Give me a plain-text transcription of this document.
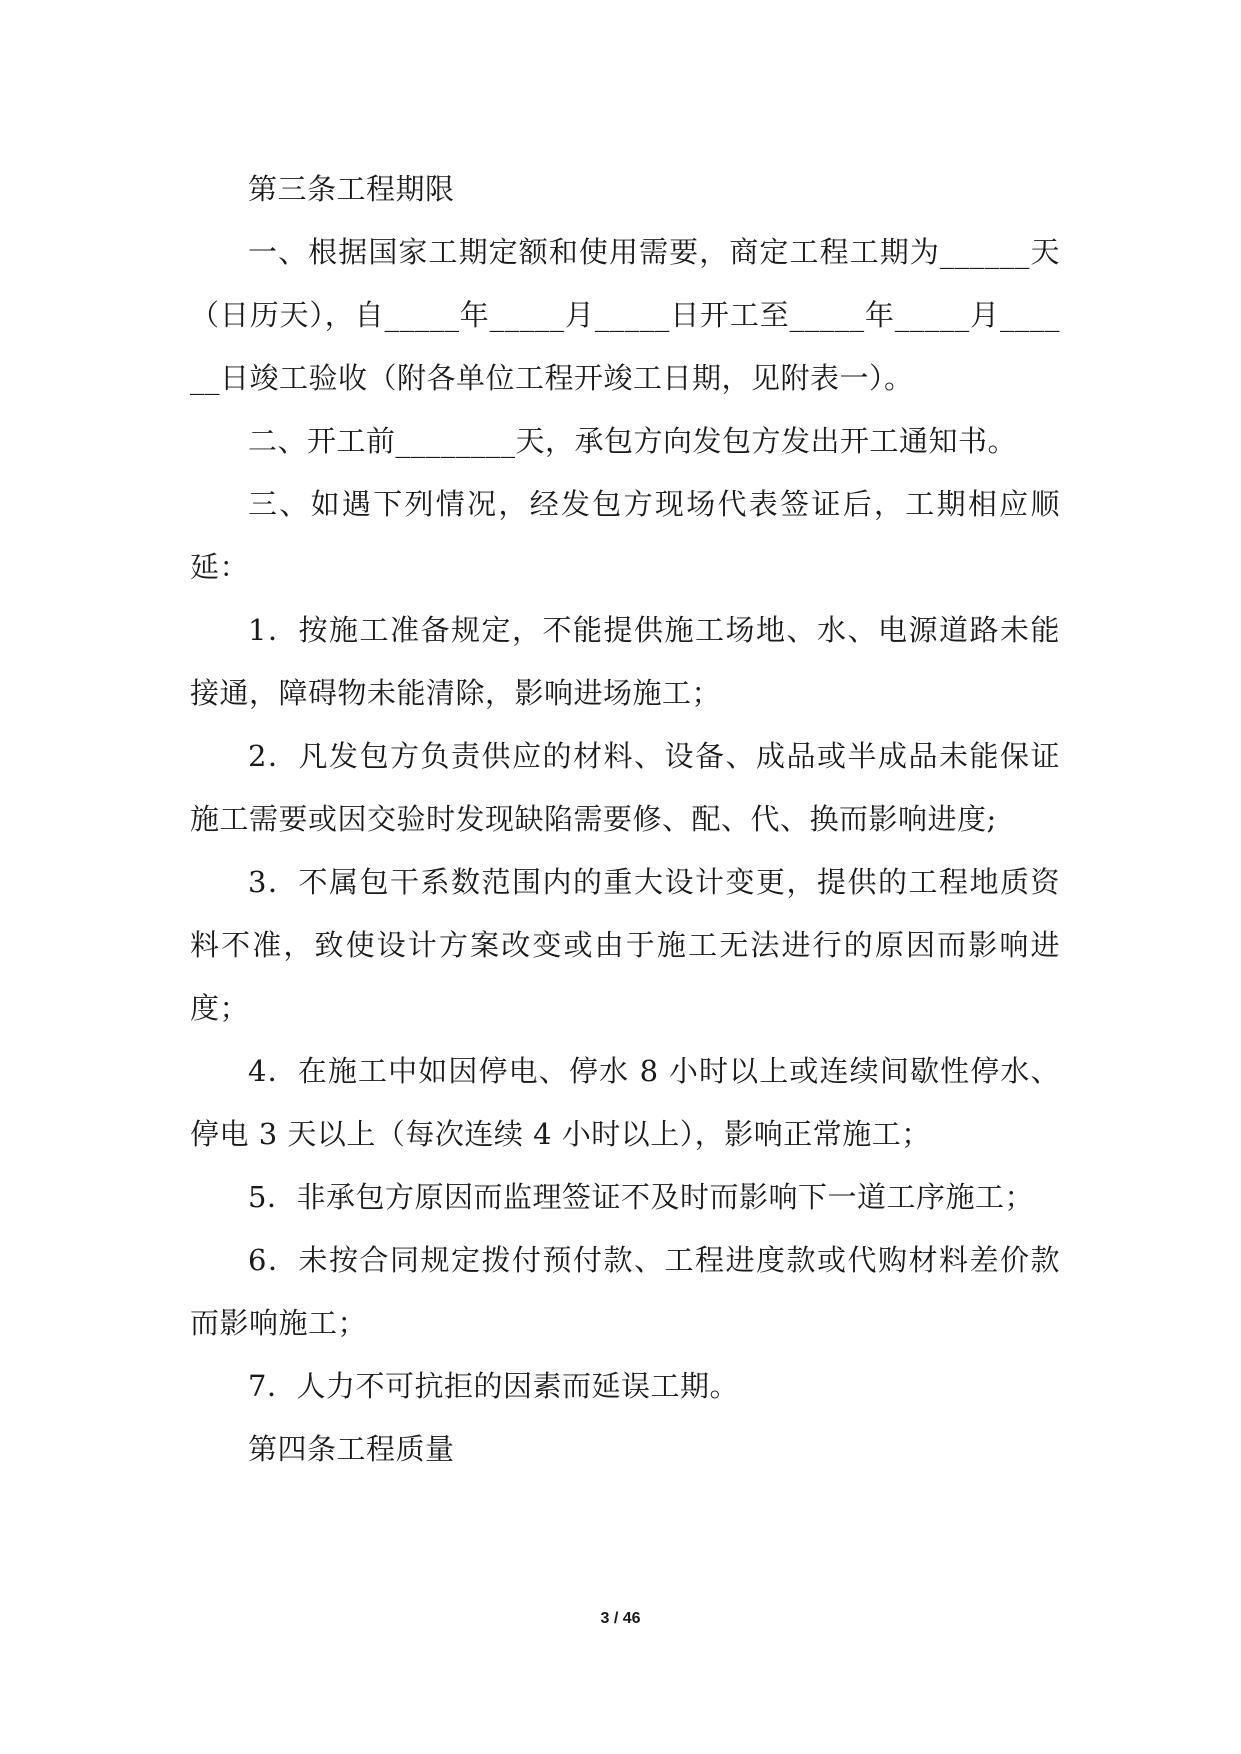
第三条工程期限

一、根据国家工期定额和使用需要，商定工程工期为______天（日历天），自_____年_____月_____日开工至_____年_____月______日竣工验收（附各单位工程开竣工日期，见附表一）。

二、开工前________天，承包方向发包方发出开工通知书。

三、如遇下列情况，经发包方现场代表签证后，工期相应顺延：

1．按施工准备规定，不能提供施工场地、水、电源道路未能接通，障碍物未能清除，影响进场施工；

2．凡发包方负责供应的材料、设备、成品或半成品未能保证施工需要或因交验时发现缺陷需要修、配、代、换而影响进度;

3．不属包干系数范围内的重大设计变更，提供的工程地质资料不准，致使设计方案改变或由于施工无法进行的原因而影响进度；

4．在施工中如因停电、停水 8 小时以上或连续间歇性停水、停电 3 天以上（每次连续 4 小时以上），影响正常施工；

5．非承包方原因而监理签证不及时而影响下一道工序施工；

6．未按合同规定拨付预付款、工程进度款或代购材料差价款而影响施工；

7．人力不可抗拒的因素而延误工期。

第四条工程质量

3 / 46
